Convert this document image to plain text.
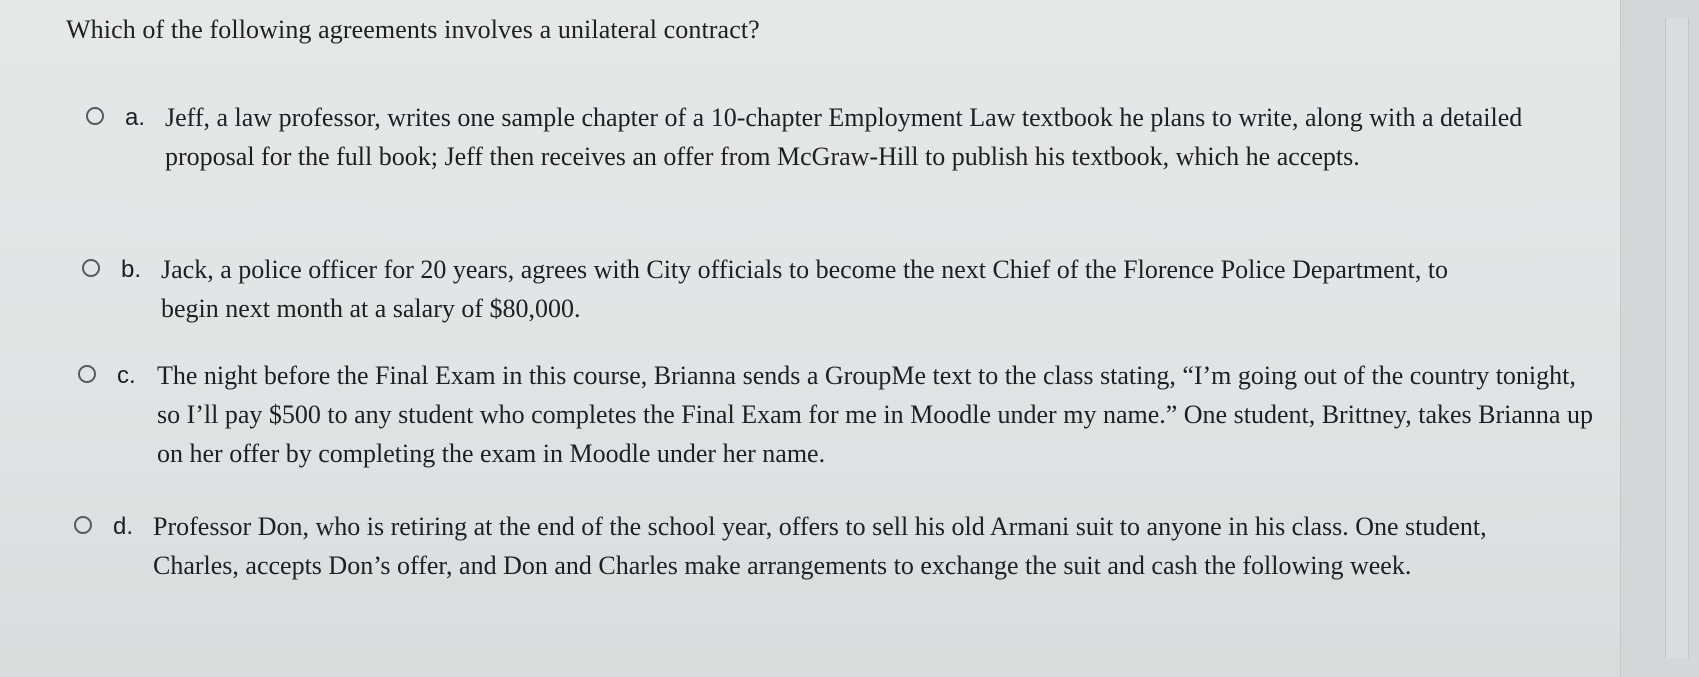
Which of the following agreements involves a unilateral contract?
a. Jeff, a law professor, writes one sample chapter of a 10-chapter Employment Law textbook he plans to write, along with a detailed proposal for the full book; Jeff then receives an offer from McGraw-Hill to publish his textbook, which he accepts.
b. Jack, a police officer for 20 years, agrees with City officials to become the next Chief of the Florence Police Department, to begin next month at a salary of $80,000.
c. The night before the Final Exam in this course, Brianna sends a GroupMe text to the class stating, “I’m going out of the country tonight, so I’ll pay $500 to any student who completes the Final Exam for me in Moodle under my name.” One student, Brittney, takes Brianna up on her offer by completing the exam in Moodle under her name.
d. Professor Don, who is retiring at the end of the school year, offers to sell his old Armani suit to anyone in his class. One student, Charles, accepts Don’s offer, and Don and Charles make arrangements to exchange the suit and cash the following week.
